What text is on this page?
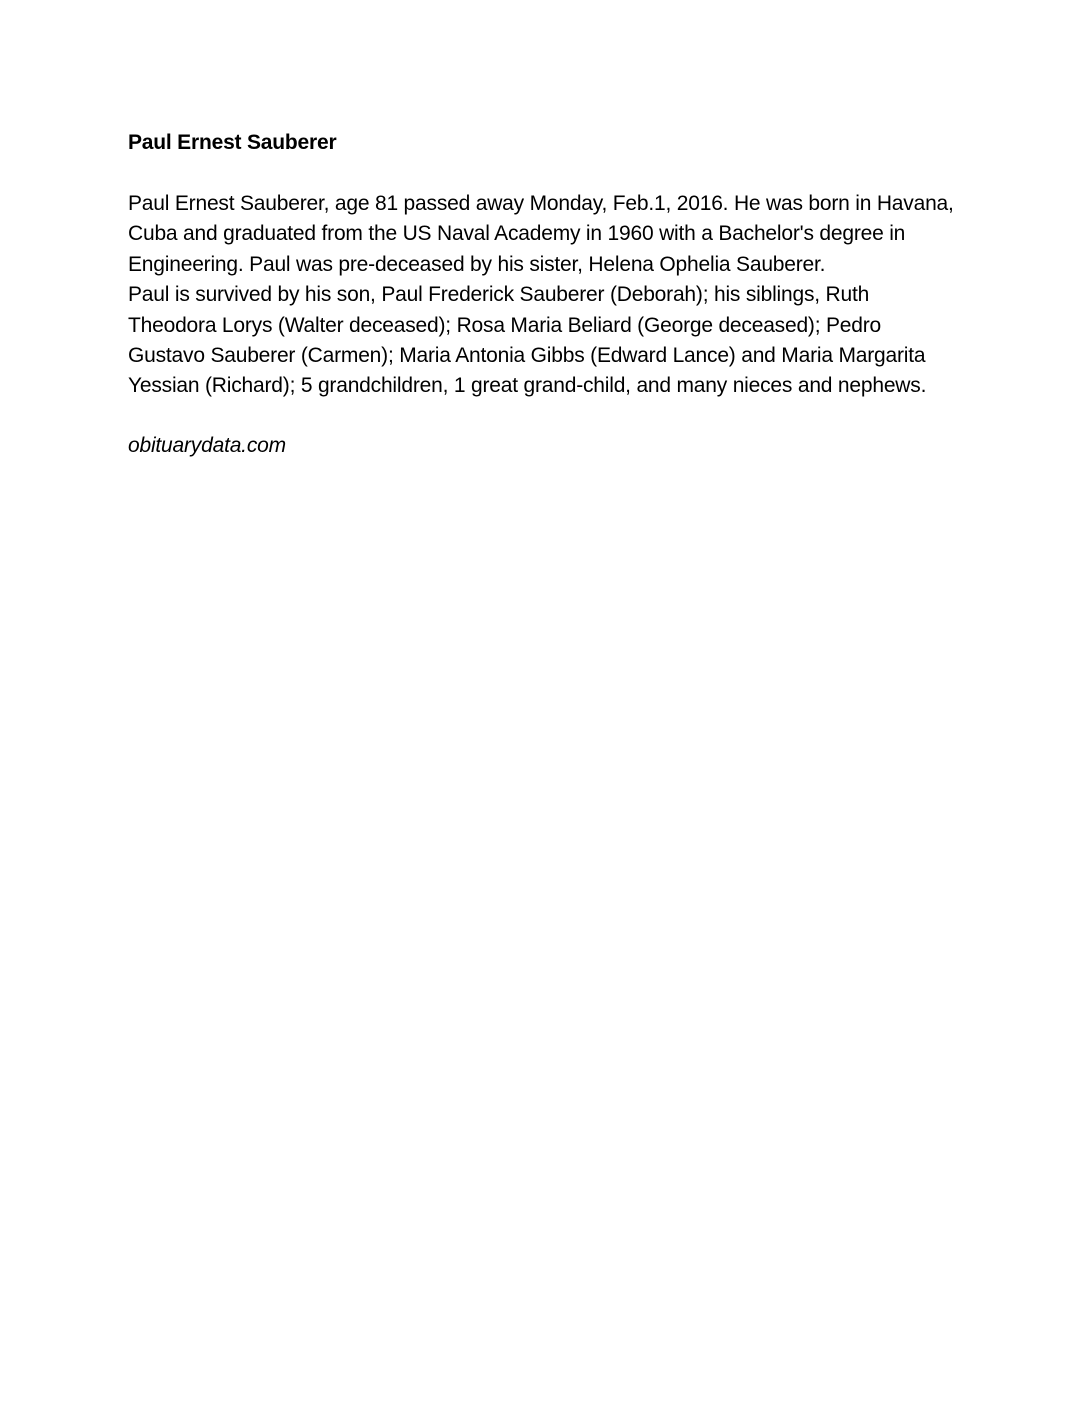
Paul Ernest Sauberer

Paul Ernest Sauberer, age 81 passed away Monday, Feb.1, 2016. He was born in Havana, Cuba and graduated from the US Naval Academy in 1960 with a Bachelor's degree in Engineering. Paul was pre-deceased by his sister, Helena Ophelia Sauberer.

Paul is survived by his son, Paul Frederick Sauberer (Deborah); his siblings, Ruth Theodora Lorys (Walter deceased); Rosa Maria Beliard (George deceased); Pedro Gustavo Sauberer (Carmen); Maria Antonia Gibbs (Edward Lance) and Maria Margarita Yessian (Richard); 5 grandchildren, 1 great grand-child, and many nieces and nephews.

obituarydata.com
